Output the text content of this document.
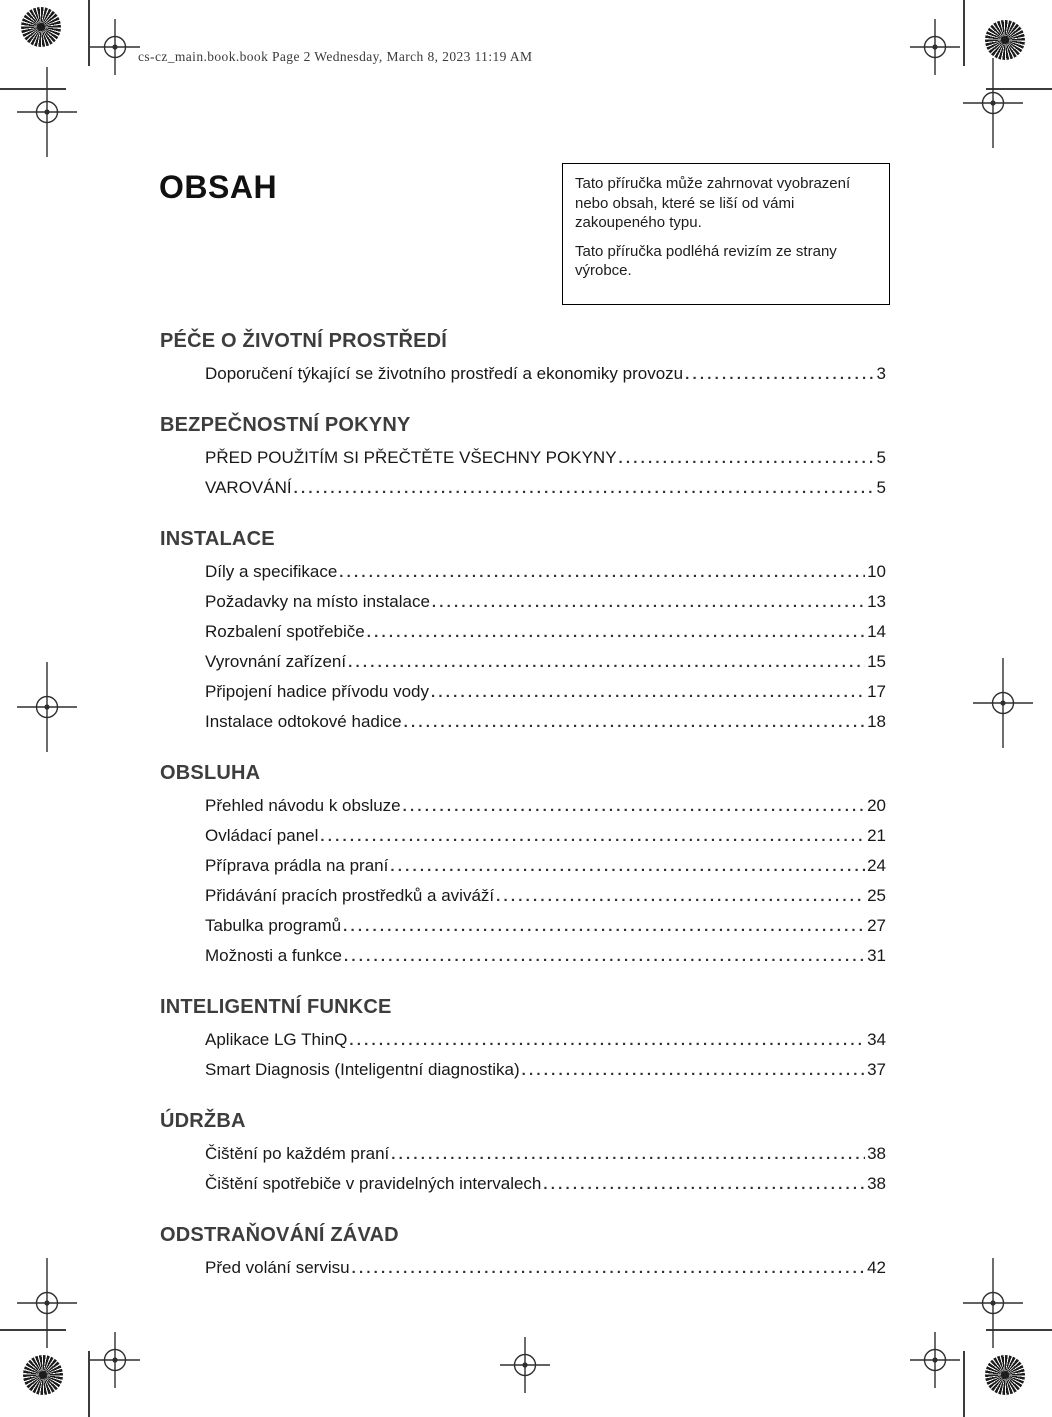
cs-cz_main.book.book Page 2 Wednesday, March 8, 2023 11:19 AM
OBSAH	Tato příručka může zahrnovat vyobrazení nebo obsah, které se liší od vámi zakoupeného typu.

Tato příručka podléhá revizím ze strany výrobce.

PÉČE O ŽIVOTNÍ PROSTŘEDÍ
Doporučení týkající se životního prostředí a ekonomiky provozu .....	3
BEZPEČNOSTNÍ POKYNY
PŘED POUŽITÍM SI PŘEČTĚTE VŠECHNY POKYNY .....	5
VAROVÁNÍ .....	5
INSTALACE
Díly a specifikace .....	10
Požadavky na místo instalace .....	13
Rozbalení spotřebiče .....	14
Vyrovnání zařízení .....	15
Připojení hadice přívodu vody .....	17
Instalace odtokové hadice .....	18
OBSLUHA
Přehled návodu k obsluze .....	20
Ovládací panel .....	21
Příprava prádla na praní .....	24
Přidávání pracích prostředků a aviváží .....	25
Tabulka programů .....	27
Možnosti a funkce .....	31
INTELIGENTNÍ FUNKCE
Aplikace LG ThinQ .....	34
Smart Diagnosis (Inteligentní diagnostika) .....	37
ÚDRŽBA
Čištění po každém praní .....	38
Čištění spotřebiče v pravidelných intervalech .....	38
ODSTRAŇOVÁNÍ ZÁVAD
Před volání servisu .....	42
